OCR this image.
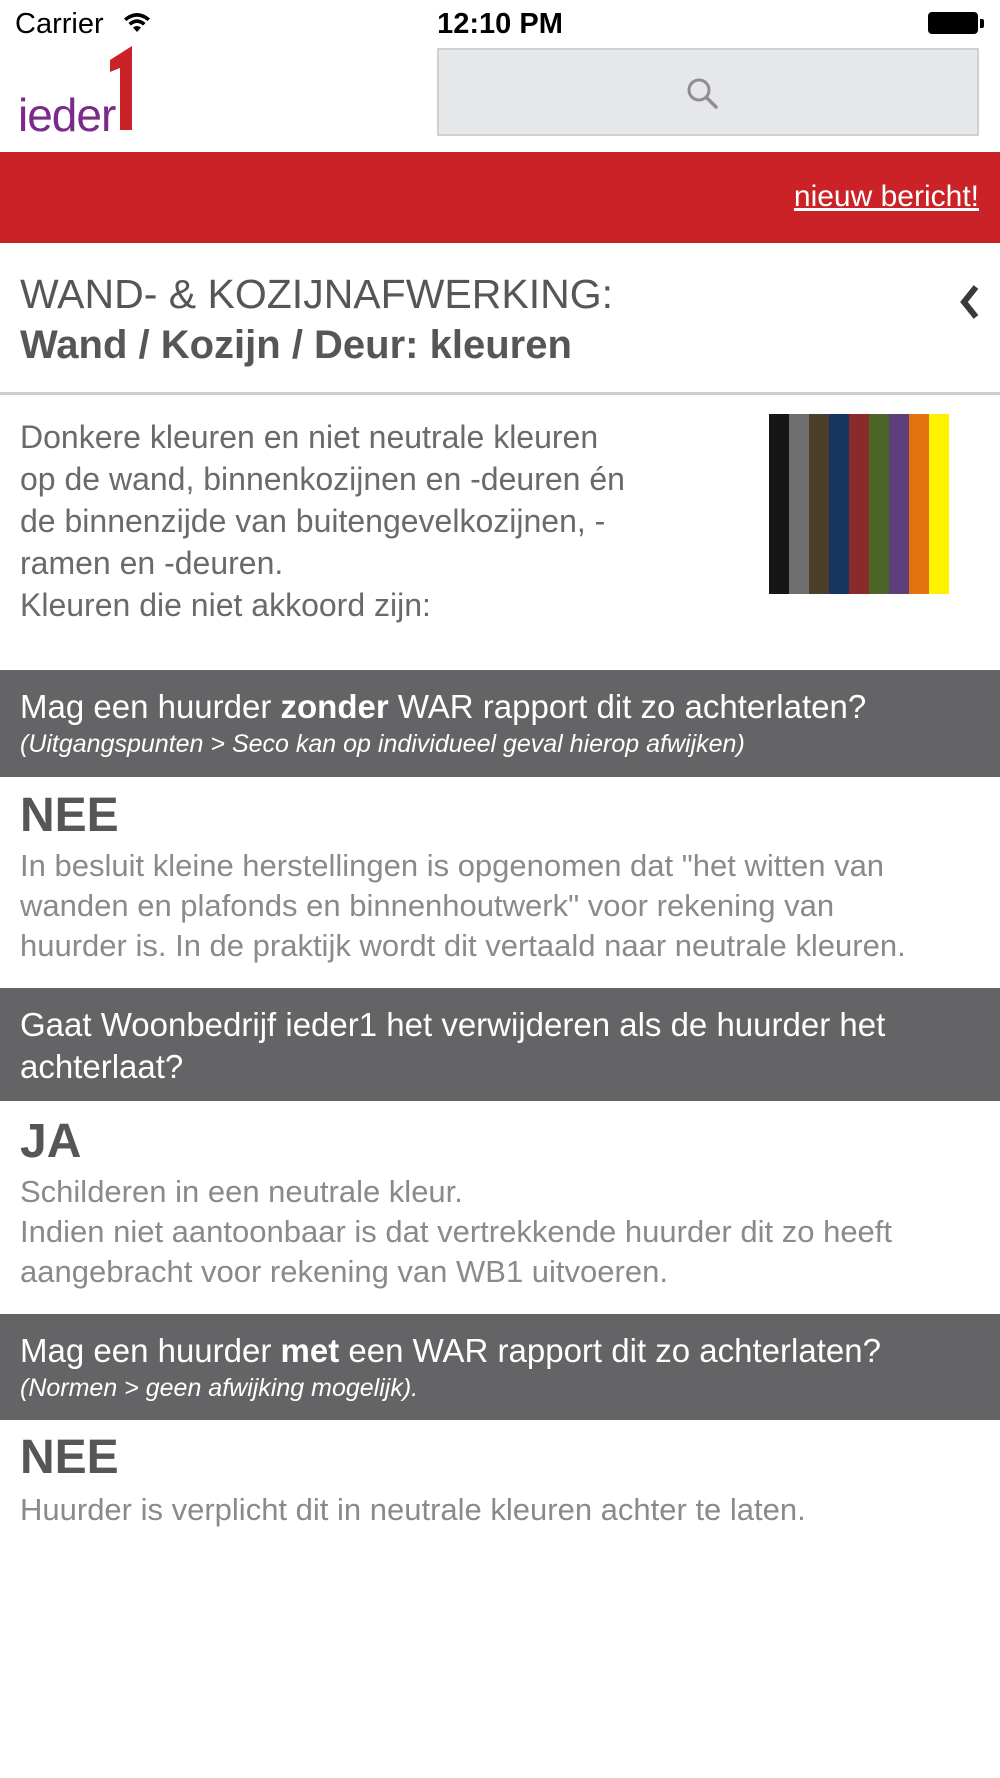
Carrier	12:10 PM
ieder
nieuw bericht!
WAND- & KOZIJNAFWERKING:
Wand / Kozijn / Deur: kleuren
Donkere kleuren en niet neutrale kleuren
op de wand, binnenkozijnen en -deuren én
de binnenzijde van buitengevelkozijnen, -
ramen en -deuren.
Kleuren die niet akkoord zijn:
Mag een huurder zonder WAR rapport dit zo achterlaten?
(Uitgangspunten > Seco kan op individueel geval hierop afwijken)
NEE
In besluit kleine herstellingen is opgenomen dat "het witten van
wanden en plafonds en binnenhoutwerk" voor rekening van
huurder is. In de praktijk wordt dit vertaald naar neutrale kleuren.
Gaat Woonbedrijf ieder1 het verwijderen als de huurder het achterlaat?
JA
Schilderen in een neutrale kleur.
Indien niet aantoonbaar is dat vertrekkende huurder dit zo heeft
aangebracht voor rekening van WB1 uitvoeren.
Mag een huurder met een WAR rapport dit zo achterlaten?
(Normen > geen afwijking mogelijk).
NEE
Huurder is verplicht dit in neutrale kleuren achter te laten.
